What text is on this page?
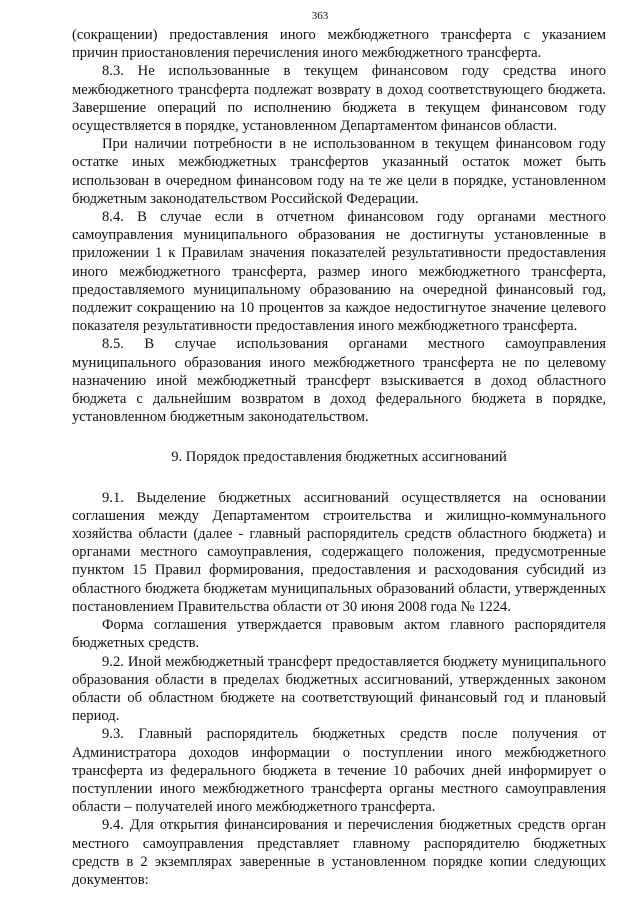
363

(сокращении) предоставления иного межбюджетного трансферта с указанием причин приостановления перечисления иного межбюджетного трансферта.

8.3. Не использованные в текущем финансовом году средства иного межбюджетного трансферта подлежат возврату в доход соответствующего бюджета. Завершение операций по исполнению бюджета в текущем финансовом году осуществляется в порядке, установленном Департаментом финансов области.

При наличии потребности в не использованном в текущем финансовом году остатке иных межбюджетных трансфертов указанный остаток может быть использован в очередном финансовом году на те же цели в порядке, установленном бюджетным законодательством Российской Федерации.

8.4. В случае если в отчетном финансовом году органами местного самоуправления муниципального образования не достигнуты установленные в приложении 1 к Правилам значения показателей результативности предоставления иного межбюджетного трансферта, размер иного межбюджетного трансферта, предоставляемого муниципальному образованию на очередной финансовый год, подлежит сокращению на 10 процентов за каждое недостигнутое значение целевого показателя результативности предоставления иного межбюджетного трансферта.

8.5. В случае использования органами местного самоуправления муниципального образования иного межбюджетного трансферта не по целевому назначению иной межбюджетный трансферт взыскивается в доход областного бюджета с дальнейшим возвратом в доход федерального бюджета в порядке, установленном бюджетным законодательством.

9. Порядок предоставления бюджетных ассигнований

9.1. Выделение бюджетных ассигнований осуществляется на основании соглашения между Департаментом строительства и жилищно-коммунального хозяйства области (далее - главный распорядитель средств областного бюджета) и органами местного самоуправления, содержащего положения, предусмотренные пунктом 15 Правил формирования, предоставления и расходования субсидий из областного бюджета бюджетам муниципальных образований области, утвержденных постановлением Правительства области от 30 июня 2008 года № 1224.

Форма соглашения утверждается правовым актом главного распорядителя бюджетных средств.

9.2. Иной межбюджетный трансферт предоставляется бюджету муниципального образования области в пределах бюджетных ассигнований, утвержденных законом области об областном бюджете на соответствующий финансовый год и плановый период.

9.3. Главный распорядитель бюджетных средств после получения от Администратора доходов информации о поступлении иного межбюджетного трансферта из федерального бюджета в течение 10 рабочих дней информирует о поступлении иного межбюджетного трансферта органы местного самоуправления области – получателей иного межбюджетного трансферта.

9.4. Для открытия финансирования и перечисления бюджетных средств орган местного самоуправления представляет главному распорядителю бюджетных средств в 2 экземплярах заверенные в установленном порядке копии следующих документов:
